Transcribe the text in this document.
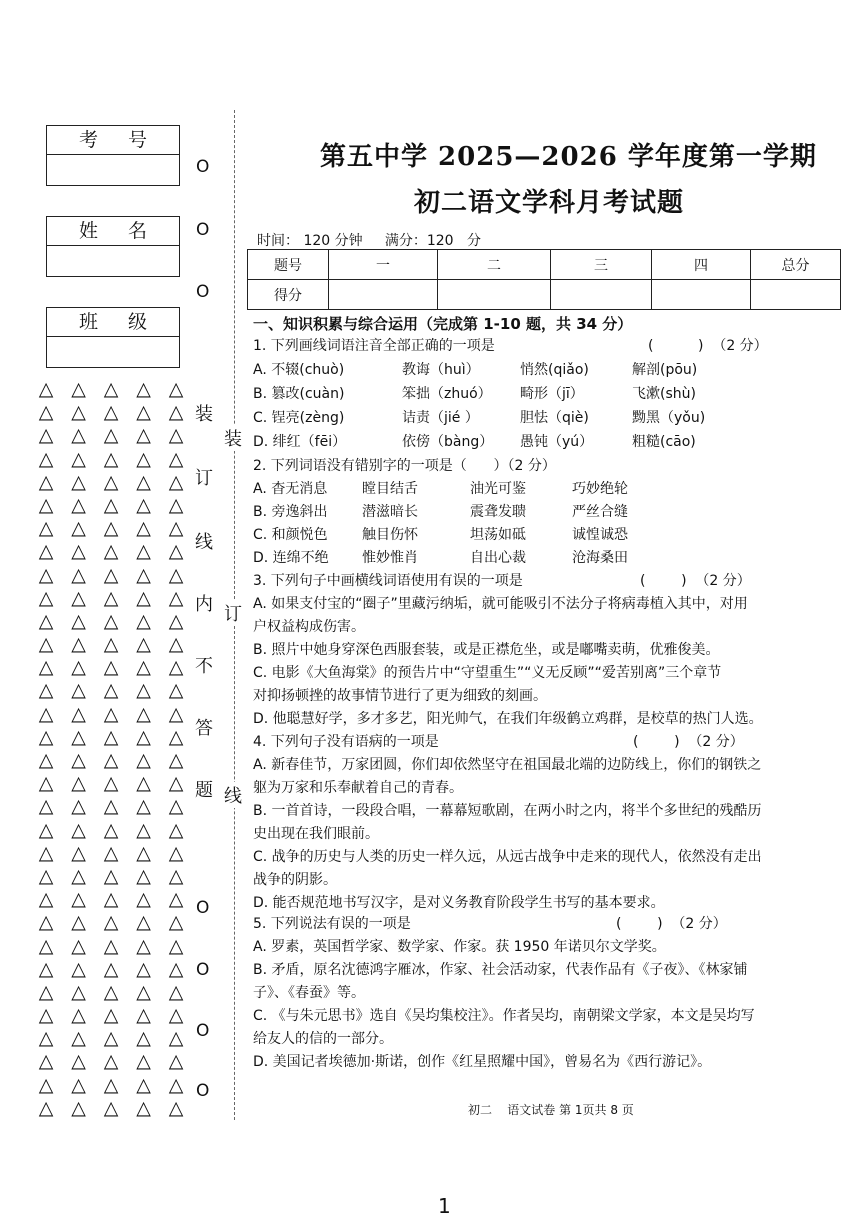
考号
姓名
班级
△ △ △ △ △
△ △ △ △ △
△ △ △ △ △
△ △ △ △ △
△ △ △ △ △
△ △ △ △ △
△ △ △ △ △
△ △ △ △ △
△ △ △ △ △
△ △ △ △ △
△ △ △ △ △
△ △ △ △ △
△ △ △ △ △
△ △ △ △ △
△ △ △ △ △
△ △ △ △ △
△ △ △ △ △
△ △ △ △ △
△ △ △ △ △
△ △ △ △ △
△ △ △ △ △
△ △ △ △ △
△ △ △ △ △
△ △ △ △ △
△ △ △ △ △
△ △ △ △ △
△ △ △ △ △
△ △ △ △ △
△ △ △ △ △
△ △ △ △ △
△ △ △ △ △
△ △ △ △ △
O
O
O
O
O
O
O
装
订
线
内
不
答
题
装
订
线
第五中学 2025—2026 学年度第一学期
初二语文学科月考试题
时间： 120 分钟     满分：120   分
题号	一	二	三	四	总分
得分					
一、知识积累与综合运用（完成第 1-10 题，共 34 分）
1. 下列画线词语注音全部正确的一项是	(          )  （2 分）
A. 不辍(chuò)	教诲（huì）	悄然(qiǎo)	解剖(pōu)
B. 篡改(cuàn)	笨拙（zhuó） 畸形（jī）	飞漱(shù)
C. 锃亮(zèng)	诘责（jié ）	胆怯（qiè)	黝黑（yǒu)
D. 绯红（fēi）	依傍（bàng） 愚钝（yú）	粗糙(cāo)
2. 下列词语没有错别字的一项是（      ）（2 分）
A. 杳无消息 瞠目结舌	油光可鉴	巧妙绝轮
B. 旁逸斜出 潜滋暗长	震聋发聩	严丝合缝
C. 和颜悦色 触目伤怀	坦荡如砥	诚惶诚恐
D. 连绵不绝 惟妙惟肖	自出心裁	沧海桑田
3. 下列句子中画横线词语使用有误的一项是	(        )  （2 分）
A. 如果支付宝的“圈子”里藏污纳垢，就可能吸引不法分子将病毒植入其中，对用
户权益构成伤害。
B. 照片中她身穿深色西服套装，或是正襟危坐，或是嘟嘴卖萌，优雅俊美。
C. 电影《大鱼海棠》的预告片中“守望重生”“义无反顾”“爱苦别离”三个章节
对抑扬顿挫的故事情节进行了更为细致的刻画。
D. 他聪慧好学，多才多艺，阳光帅气，在我们年级鹤立鸡群，是校草的热门人选。
4. 下列句子没有语病的一项是	(        )  （2 分）
A. 新春佳节，万家团圆，你们却依然坚守在祖国最北端的边防线上，你们的钢铁之
躯为万家和乐奉献着自己的青春。
B. 一首首诗，一段段合唱，一幕幕短歌剧，在两小时之内，将半个多世纪的残酷历
史出现在我们眼前。
C. 战争的历史与人类的历史一样久远，从远古战争中走来的现代人，依然没有走出
战争的阴影。
D. 能否规范地书写汉字，是对义务教育阶段学生书写的基本要求。
5. 下列说法有误的一项是	(        )  （2 分）
A. 罗素，英国哲学家、数学家、作家。获 1950 年诺贝尔文学奖。
B. 矛盾，原名沈德鸿字雁冰，作家、社会活动家，代表作品有《子夜》、《林家铺
子》、《春蚕》等。
C. 《与朱元思书》选自《吴均集校注》。作者吴均，南朝梁文学家，本文是吴均写
给友人的信的一部分。
D. 美国记者埃德加·斯诺，创作《红星照耀中国》，曾易名为《西行游记》。
初二    语文试卷 第 1页共 8 页
1
